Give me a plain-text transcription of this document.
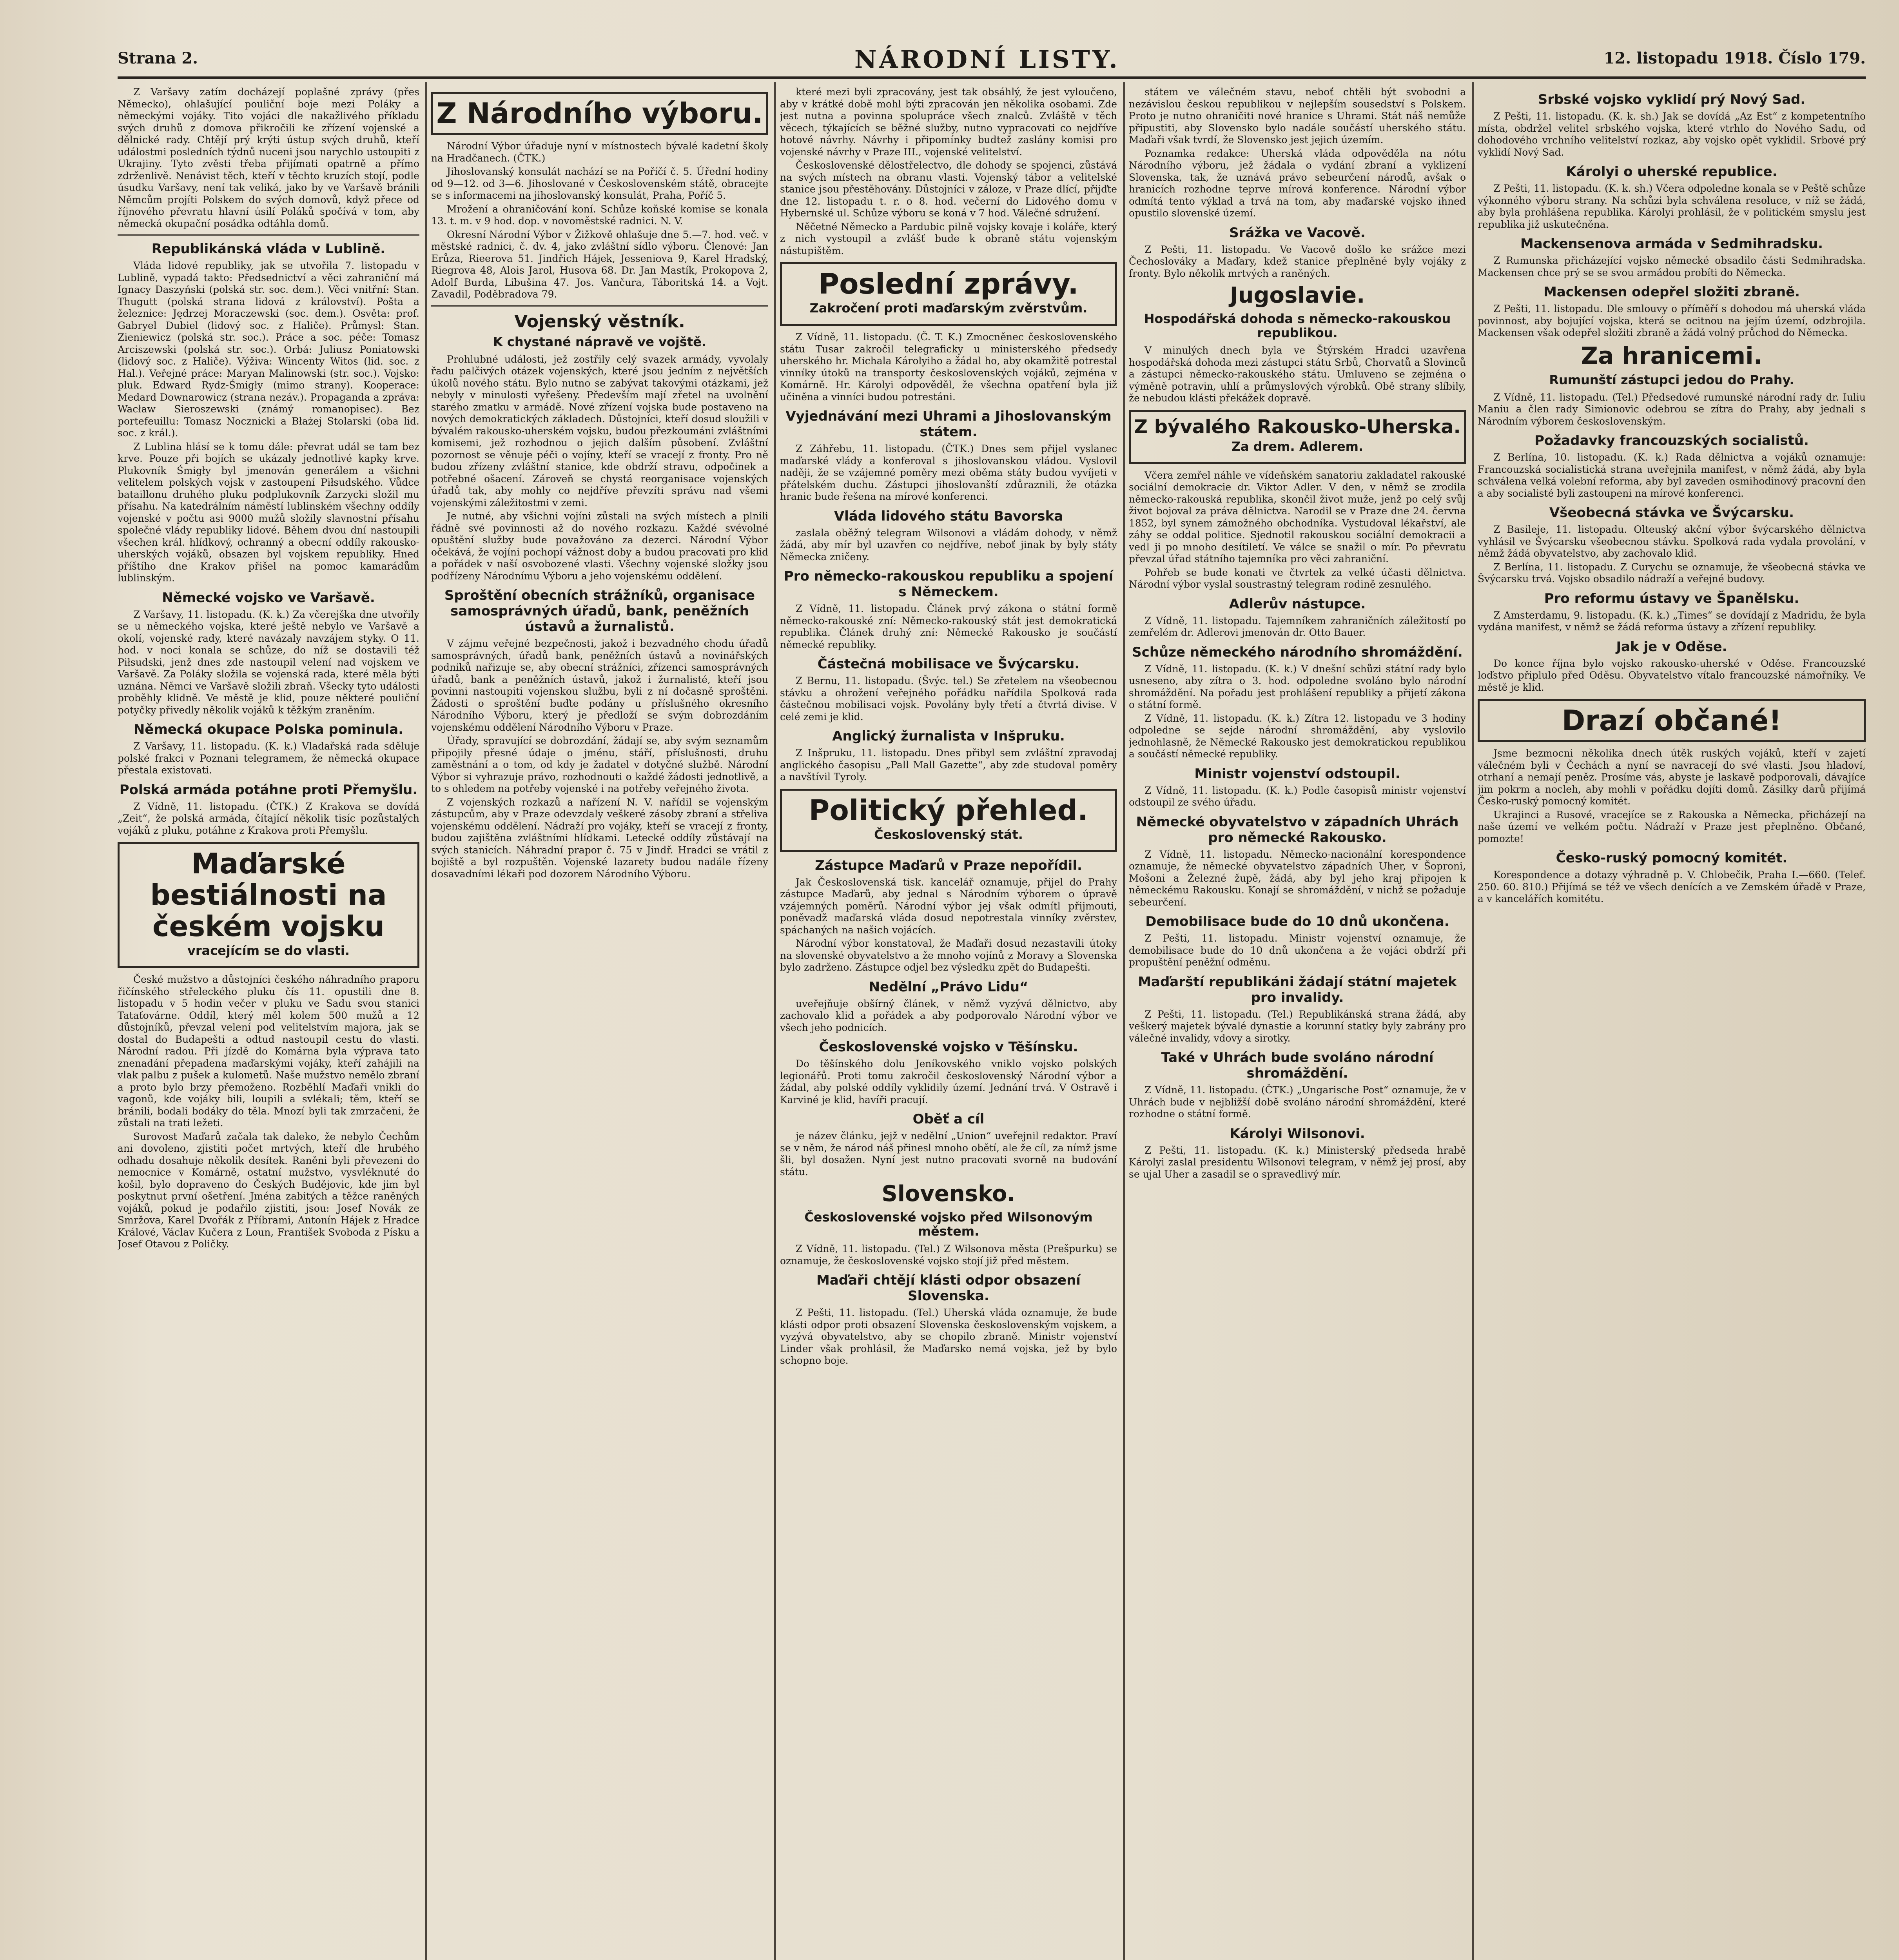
Strana 2.	NÁRODNÍ LISTY.	12. listopadu 1918. Číslo 179.

Z Varšavy zatím docházejí poplašné zprávy (přes Německo), ohlašující pouliční boje mezi Poláky a německými vojáky. Tito vojáci dle nakažlivého příkladu svých druhů z domova přikročili ke zřízení vojenské a dělnické rady. Chtějí prý krýti ústup svých druhů, kteří událostmi posledních týdnů nuceni jsou narychlo ustoupiti z Ukrajiny. Tyto zvěsti třeba přijímati opatrně a přímo zdrženlivě. Nenávist těch, kteří v těchto kruzích stojí, podle úsudku Varšavy, není tak veliká, jako by ve Varšavě bránili Němcům projíti Polskem do svých domovů, když přece od říjnového převratu hlavní úsilí Poláků spočívá v tom, aby německá okupační posádka odtáhla domů.

Republikánská vláda v Lublině.

Vláda lidové republiky, jak se utvořila 7. listopadu v Lublině, vypadá takto: Předsednictví a věci zahraniční má Ignacy Daszyński (polská str. soc. dem.). Věci vnitřní: Stan. Thugutt (polská strana lidová z království). Pošta a železnice: Jędrzej Moraczewski (soc. dem.). Osvěta: prof. Gabryel Dubiel (lidový soc. z Haliče). Průmysl: Stan. Zieniewicz (polská str. soc.). Práce a soc. péče: Tomasz Arciszewski (polská str. soc.). Orbá: Juliusz Poniatowski (lidový soc. z Haliče). Výživa: Wincenty Witos (lid. soc. z Hal.). Veřejné práce: Maryan Malinowski (str. soc.). Vojsko: pluk. Edward Rydz-Śmigły (mimo strany). Kooperace: Medard Downarowicz (strana nezáv.). Propaganda a zpráva: Wacław Sieroszewski (známý romanopisec). Bez portefeuillu: Tomasz Nocznicki a Błażej Stolarski (oba lid. soc. z král.).

Z Lublina hlásí se k tomu dále: převrat udál se tam bez krve. Pouze při bojích se ukázaly jednotlivé kapky krve. Plukovník Śmigły byl jmenován generálem a všichni velitelem polských vojsk v zastoupení Piłsudského. Vůdce bataillonu druhého pluku podplukovník Zarzycki složil mu přísahu. Na katedrálním náměstí lublinském všechny oddíly vojenské v počtu asi 9000 mužů složily slavnostní přísahu společné vlády republiky lidové. Během dvou dní nastoupili všechen král. hlídkový, ochranný a obecní oddíly rakousko-uherských vojáků, obsazen byl vojskem republiky. Hned příštího dne Krakov přišel na pomoc kamarádům lublinským.

Německé vojsko ve Varšavě.

Z Varšavy, 11. listopadu. (K. k.) Za včerejška dne utvořily se u německého vojska, které ještě nebylo ve Varšavě a okolí, vojenské rady, které navázaly navzájem styky. O 11. hod. v noci konala se schůze, do níž se dostavili též Piłsudski, jenž dnes zde nastoupil velení nad vojskem ve Varšavě. Za Poláky složila se vojenská rada, které měla býti uznána. Němci ve Varšavě složili zbraň. Všecky tyto události proběhly klidně. Ve městě je klid, pouze některé pouliční potyčky přivedly několik vojáků k těžkým zraněním.

Německá okupace Polska pominula.

Z Varšavy, 11. listopadu. (K. k.) Vladařská rada sděluje polské frakci v Poznani telegramem, že německá okupace přestala existovati.

Polská armáda potáhne proti Přemyšlu.

Z Vídně, 11. listopadu. (ČTK.) Z Krakova se dovídá „Zeit“, že polská armáda, čítající několik tisíc pozůstalých vojáků z pluku, potáhne z Krakova proti Přemyšlu.

Maďarské bestiálnosti na českém vojsku
vracejícím se do vlasti.

České mužstvo a důstojníci českého náhradního praporu řičínského střeleckého pluku čís 11. opustili dne 8. listopadu v 5 hodin večer v pluku ve Sadu svou stanici Tataťovárne. Oddíl, který měl kolem 500 mužů a 12 důstojníků, převzal velení pod velitelstvím majora, jak se dostal do Budapešti a odtud nastoupil cestu do vlasti. Národní radou. Při jízdě do Komárna byla výprava tato znenadání přepadena maďarskými vojáky, kteří zahájili na vlak palbu z pušek a kulometů. Naše mužstvo nemělo zbraní a proto bylo brzy přemoženo. Rozběhlí Maďaři vnikli do vagonů, kde vojáky bili, loupili a svlékali; těm, kteří se bránili, bodali bodáky do těla. Mnozí byli tak zmrzačeni, že zůstali na trati ležeti.

Surovost Maďarů začala tak daleko, že nebylo Čechům ani dovoleno, zjistiti počet mrtvých, kteří dle hrubého odhadu dosahuje několik desítek. Raněni byli převezeni do nemocnice v Komárně, ostatní mužstvo, vysvléknuté do košil, bylo dopraveno do Českých Budějovic, kde jim byl poskytnut první ošetření. Jména zabitých a těžce raněných vojáků, pokud je podařilo zjistiti, jsou: Josef Novák ze Smržova, Karel Dvořák z Příbrami, Antonín Hájek z Hradce Králové, Václav Kučera z Loun, František Svoboda z Písku a Josef Otavou z Poličky.

Z Národního výboru.

Národní Výbor úřaduje nyní v místnostech bývalé kadetní školy na Hradčanech. (ČTK.)

Jihoslovanský konsulát nachází se na Poříčí č. 5. Úřední hodiny od 9—12. od 3—6. Jihoslované v Československém státě, obracejte se s informacemi na jihoslovanský konsulát, Praha, Poříč 5.

Mrožení a ohraničování koní. Schůze koňské komise se konala 13. t. m. v 9 hod. dop. v novoměstské radnici. N. V.

Okresní Národní Výbor v Žižkově ohlašuje dne 5.—7. hod. več. v městské radnici, č. dv. 4, jako zvláštní sídlo výboru. Členové: Jan Erůza, Rieerova 51. Jindřich Hájek, Jesseniova 9, Karel Hradský, Riegrova 48, Alois Jarol, Husova 68. Dr. Jan Mastík, Prokopova 2, Adolf Burda, Libušina 47. Jos. Vančura, Táboritská 14. a Vojt. Zavadil, Poděbradova 79.

Vojenský věstník.
K chystané nápravě ve vojště.

Prohlubné události, jež zostřily celý svazek armády, vyvolaly řadu palčivých otázek vojenských, které jsou jedním z největších úkolů nového státu. Bylo nutno se zabývat takovými otázkami, jež nebyly v minulosti vyřešeny. Především mají zřetel na uvolnění starého zmatku v armádě. Nové zřízení vojska bude postaveno na nových demokratických základech. Důstojníci, kteří dosud sloužili v bývalém rakousko-uherském vojsku, budou přezkoumáni zvláštními komisemi, jež rozhodnou o jejich dalším působení. Zvláštní pozornost se věnuje péči o vojíny, kteří se vracejí z fronty. Pro ně budou zřízeny zvláštní stanice, kde obdrží stravu, odpočinek a potřebné ošacení. Zároveň se chystá reorganisace vojenských úřadů tak, aby mohly co nejdříve převzíti správu nad všemi vojenskými záležitostmi v zemi.

Je nutné, aby všichni vojíni zůstali na svých místech a plnili řádně své povinnosti až do nového rozkazu. Každé svévolné opuštění služby bude považováno za dezerci. Národní Výbor očekává, že vojíni pochopí vážnost doby a budou pracovati pro klid a pořádek v naší osvobozené vlasti. Všechny vojenské složky jsou podřízeny Národnímu Výboru a jeho vojenskému oddělení.

Sproštění obecních strážníků, organisace samosprávných úřadů, bank, peněžních ústavů a žurnalistů.

V zájmu veřejné bezpečnosti, jakož i bezvadného chodu úřadů samosprávných, úřadů bank, peněžních ústavů a novinářských podniků nařizuje se, aby obecní strážníci, zřízenci samosprávných úřadů, bank a peněžních ústavů, jakož i žurnalisté, kteří jsou povinni nastoupiti vojenskou službu, byli z ní dočasně sproštěni. Žádosti o sproštění buďte podány u příslušného okresního Národního Výboru, který je předloží se svým dobrozdáním vojenskému oddělení Národního Výboru v Praze.

Úřady, spravující se dobrozdání, žádají se, aby svým seznamům připojily přesné údaje o jménu, stáří, příslušnosti, druhu zaměstnání a o tom, od kdy je žadatel v dotyčné službě. Národní Výbor si vyhrazuje právo, rozhodnouti o každé žádosti jednotlivě, a to s ohledem na potřeby vojenské i na potřeby veřejného života.

Z vojenských rozkazů a nařízení N. V. nařídil se vojenským zástupcům, aby v Praze odevzdaly veškeré zásoby zbraní a střeliva vojenskému oddělení. Nádraží pro vojáky, kteří se vracejí z fronty, budou zajištěna zvláštními hlídkami. Letecké oddíly zůstávají na svých stanicích. Náhradní prapor č. 75 v Jindř. Hradci se vrátil z bojiště a byl rozpuštěn. Vojenské lazarety budou nadále řízeny dosavadními lékaři pod dozorem Národního Výboru.

které mezi byli zpracovány, jest tak obsáhlý, že jest vyloučeno, aby v krátké době mohl býti zpracován jen několika osobami. Zde jest nutna a povinna spolupráce všech znalců. Zvláště v těch věcech, týkajících se běžné služby, nutno vypracovati co nejdříve hotové návrhy. Návrhy i připomínky budtež zaslány komisi pro vojenské návrhy v Praze III., vojenské velitelství.

Československé dělostřelectvo, dle dohody se spojenci, zůstává na svých místech na obranu vlasti. Vojenský tábor a velitelské stanice jsou přestěhovány. Důstojníci v záloze, v Praze dlící, přijďte dne 12. listopadu t. r. o 8. hod. večerní do Lidového domu v Hybernské ul. Schůze výboru se koná v 7 hod. Válečné sdružení.

Něčetné Německo a Pardubic pilně vojsky kovaje i koláře, který z nich vystoupil a zvlášť bude k obraně státu vojenským nástupištěm.

Poslední zprávy.
Zakročení proti maďarským zvěrstvům.

Z Vídně, 11. listopadu. (Č. T. K.) Zmocněnec československého státu Tusar zakročil telegraficky u ministerského předsedy uherského hr. Michala Károlyiho a žádal ho, aby okamžitě potrestal vinníky útoků na transporty československých vojáků, zejména v Komárně. Hr. Károlyi odpověděl, že všechna opatření byla již učiněna a vinníci budou potrestáni.

Vyjednávání mezi Uhrami a Jihoslovanským státem.

Z Záhřebu, 11. listopadu. (ČTK.) Dnes sem přijel vyslanec maďarské vlády a konferoval s jihoslovanskou vládou. Vyslovil naději, že se vzájemné poměry mezi oběma státy budou vyvíjeti v přátelském duchu. Zástupci jihoslovanští zdůraznili, že otázka hranic bude řešena na mírové konferenci.

Vláda lidového státu Bavorska

zaslala oběžný telegram Wilsonovi a vládám dohody, v němž žádá, aby mír byl uzavřen co nejdříve, neboť jinak by byly státy Německa zničeny.

Pro německo-rakouskou republiku a spojení s Německem.

Z Vídně, 11. listopadu. Článek prvý zákona o státní formě německo-rakouské zní: Německo-rakouský stát jest demokratická republika. Článek druhý zní: Německé Rakousko je součástí německé republiky.

Částečná mobilisace ve Švýcarsku.

Z Bernu, 11. listopadu. (Švýc. tel.) Se zřetelem na všeobecnou stávku a ohrožení veřejného pořádku nařídila Spolková rada částečnou mobilisaci vojsk. Povolány byly třetí a čtvrtá divise. V celé zemi je klid.

Anglický žurnalista v Inšpruku.

Z Inšpruku, 11. listopadu. Dnes přibyl sem zvláštní zpravodaj anglického časopisu „Pall Mall Gazette“, aby zde studoval poměry a navštívil Tyroly.

Politický přehled.
Československý stát.
Zástupce Maďarů v Praze nepořídil.

Jak Československá tisk. kancelář oznamuje, přijel do Prahy zástupce Maďarů, aby jednal s Národním výborem o úpravě vzájemných poměrů. Národní výbor jej však odmítl přijmouti, poněvadž maďarská vláda dosud nepotrestala vinníky zvěrstev, spáchaných na našich vojácích.

Národní výbor konstatoval, že Maďaři dosud nezastavili útoky na slovenské obyvatelstvo a že mnoho vojínů z Moravy a Slovenska bylo zadrženo. Zástupce odjel bez výsledku zpět do Budapešti.

Nedělní „Právo Lidu“

uveřejňuje obšírný článek, v němž vyzývá dělnictvo, aby zachovalo klid a pořádek a aby podporovalo Národní výbor ve všech jeho podnicích.

Československé vojsko v Těšínsku.

Do těšínského dolu Jeníkovského vniklo vojsko polských legionářů. Proti tomu zakročil československý Národní výbor a žádal, aby polské oddíly vyklidily území. Jednání trvá. V Ostravě i Karviné je klid, havíři pracují.

Oběť a cíl

je název článku, jejž v nedělní „Union“ uveřejnil redaktor. Praví se v něm, že národ náš přinesl mnoho obětí, ale že cíl, za nímž jsme šli, byl dosažen. Nyní jest nutno pracovati svorně na budování státu.

Slovensko.
Československé vojsko před Wilsonovým městem.

Z Vídně, 11. listopadu. (Tel.) Z Wilsonova města (Prešpurku) se oznamuje, že československé vojsko stojí již před městem.

Maďaři chtějí klásti odpor obsazení Slovenska.

Z Pešti, 11. listopadu. (Tel.) Uherská vláda oznamuje, že bude klásti odpor proti obsazení Slovenska československým vojskem, a vyzývá obyvatelstvo, aby se chopilo zbraně. Ministr vojenství Linder však prohlásil, že Maďarsko nemá vojska, jež by bylo schopno boje.

státem ve válečném stavu, neboť chtěli být svobodni a nezávislou českou republikou v nejlepším sousedství s Polskem. Proto je nutno ohraničiti nové hranice s Uhrami. Stát náš nemůže připustiti, aby Slovensko bylo nadále součástí uherského státu. Maďaři však tvrdí, že Slovensko jest jejich územím.

Poznamka redakce: Uherská vláda odpověděla na nótu Národního výboru, jež žádala o vydání zbraní a vyklizení Slovenska, tak, že uznává právo sebeurčení národů, avšak o hranicích rozhodne teprve mírová konference. Národní výbor odmítá tento výklad a trvá na tom, aby maďarské vojsko ihned opustilo slovenské území.

Srážka ve Vacově.

Z Pešti, 11. listopadu. Ve Vacově došlo ke srážce mezi Čechoslováky a Maďary, kdež stanice přeplněné byly vojáky z fronty. Bylo několik mrtvých a raněných.

Jugoslavie.
Hospodářská dohoda s německo-rakouskou republikou.

V minulých dnech byla ve Štýrském Hradci uzavřena hospodářská dohoda mezi zástupci státu Srbů, Chorvatů a Slovinců a zástupci německo-rakouského státu. Umluveno se zejména o výměně potravin, uhlí a průmyslových výrobků. Obě strany slíbily, že nebudou klásti překážek dopravě.

Z bývalého Rakousko-Uherska.
Za drem. Adlerem.

Včera zemřel náhle ve vídeňském sanatoriu zakladatel rakouské sociální demokracie dr. Viktor Adler. V den, v němž se zrodila německo-rakouská republika, skončil život muže, jenž po celý svůj život bojoval za práva dělnictva. Narodil se v Praze dne 24. června 1852, byl synem zámožného obchodníka. Vystudoval lékařství, ale záhy se oddal politice. Sjednotil rakouskou sociální demokracii a vedl ji po mnoho desítiletí. Ve válce se snažil o mír. Po převratu převzal úřad státního tajemníka pro věci zahraniční.

Pohřeb se bude konati ve čtvrtek za velké účasti dělnictva. Národní výbor vyslal soustrastný telegram rodině zesnulého.

Adlerův nástupce.

Z Vídně, 11. listopadu. Tajemníkem zahraničních záležitostí po zemřelém dr. Adlerovi jmenován dr. Otto Bauer.

Schůze německého národního shromáždění.

Z Vídně, 11. listopadu. (K. k.) V dnešní schůzi státní rady bylo usneseno, aby zítra o 3. hod. odpoledne svoláno bylo národní shromáždění. Na pořadu jest prohlášení republiky a přijetí zákona o státní formě.

Z Vídně, 11. listopadu. (K. k.) Zítra 12. listopadu ve 3 hodiny odpoledne se sejde národní shromáždění, aby vyslovilo jednohlasně, že Německé Rakousko jest demokratickou republikou a součástí německé republiky.

Ministr vojenství odstoupil.

Z Vídně, 11. listopadu. (K. k.) Podle časopisů ministr vojenství odstoupil ze svého úřadu.

Německé obyvatelstvo v západních Uhrách pro německé Rakousko.

Z Vídně, 11. listopadu. Německo-nacionální korespondence oznamuje, že německé obyvatelstvo západních Uher, v Šoproni, Mošoni a Železné župě, žádá, aby byl jeho kraj připojen k německému Rakousku. Konají se shromáždění, v nichž se požaduje sebeurčení.

Demobilisace bude do 10 dnů ukončena.

Z Pešti, 11. listopadu. Ministr vojenství oznamuje, že demobilisace bude do 10 dnů ukončena a že vojáci obdrží při propuštění peněžní odměnu.

Maďarští republikáni žádají státní majetek pro invalidy.

Z Pešti, 11. listopadu. (Tel.) Republikánská strana žádá, aby veškerý majetek bývalé dynastie a korunní statky byly zabrány pro válečné invalidy, vdovy a sirotky.

Také v Uhrách bude svoláno národní shromáždění.

Z Vídně, 11. listopadu. (ČTK.) „Ungarische Post“ oznamuje, že v Uhrách bude v nejbližší době svoláno národní shromáždění, které rozhodne o státní formě.

Károlyi Wilsonovi.

Z Pešti, 11. listopadu. (K. k.) Ministerský předseda hrabě Károlyi zaslal presidentu Wilsonovi telegram, v němž jej prosí, aby se ujal Uher a zasadil se o spravedlivý mír.

Srbské vojsko vyklidí prý Nový Sad.

Z Pešti, 11. listopadu. (K. k. sh.) Jak se dovídá „Az Est“ z kompetentního místa, obdržel velitel srbského vojska, které vtrhlo do Nového Sadu, od dohodového vrchního velitelství rozkaz, aby vojsko opět vyklidil. Srbové prý vyklidí Nový Sad.

Károlyi o uherské republice.

Z Pešti, 11. listopadu. (K. k. sh.) Včera odpoledne konala se v Peště schůze výkonného výboru strany. Na schůzi byla schválena resoluce, v níž se žádá, aby byla prohlášena republika. Károlyi prohlásil, že v politickém smyslu jest republika již uskutečněna.

Mackensenova armáda v Sedmihradsku.

Z Rumunska přicházející vojsko německé obsadilo části Sedmihradska. Mackensen chce prý se se svou armádou probíti do Německa.

Mackensen odepřel složiti zbraně.

Z Pešti, 11. listopadu. Dle smlouvy o příměří s dohodou má uherská vláda povinnost, aby bojující vojska, která se ocitnou na jejím území, odzbrojila. Mackensen však odepřel složiti zbraně a žádá volný průchod do Německa.

Za hranicemi.
Rumunští zástupci jedou do Prahy.

Z Vídně, 11. listopadu. (Tel.) Předsedové rumunské národní rady dr. Iuliu Maniu a člen rady Simionovic odebrou se zítra do Prahy, aby jednali s Národním výborem československým.

Požadavky francouzských socialistů.

Z Berlína, 10. listopadu. (K. k.) Rada dělnictva a vojáků oznamuje: Francouzská socialistická strana uveřejnila manifest, v němž žádá, aby byla schválena velká volební reforma, aby byl zaveden osmihodinový pracovní den a aby socialisté byli zastoupeni na mírové konferenci.

Všeobecná stávka ve Švýcarsku.

Z Basileje, 11. listopadu. Olteuský akční výbor švýcarského dělnictva vyhlásil ve Švýcarsku všeobecnou stávku. Spolková rada vydala provolání, v němž žádá obyvatelstvo, aby zachovalo klid.

Z Berlína, 11. listopadu. Z Curychu se oznamuje, že všeobecná stávka ve Švýcarsku trvá. Vojsko obsadilo nádraží a veřejné budovy.

Pro reformu ústavy ve Španělsku.

Z Amsterdamu, 9. listopadu. (K. k.) „Times“ se dovídají z Madridu, že byla vydána manifest, v němž se žádá reforma ústavy a zřízení republiky.

Jak je v Oděse.

Do konce října bylo vojsko rakousko-uherské v Oděse. Francouzské loďstvo připlulo před Oděsu. Obyvatelstvo vítalo francouzské námořníky. Ve městě je klid.

Drazí občané!

Jsme bezmocni několika dnech útěk ruských vojáků, kteří v zajetí válečném byli v Čechách a nyní se navracejí do své vlasti. Jsou hladoví, otrhaní a nemají peněz. Prosíme vás, abyste je laskavě podporovali, dávajíce jim pokrm a nocleh, aby mohli v pořádku dojíti domů. Zásilky darů přijímá Česko-ruský pomocný komitét.

Ukrajinci a Rusové, vracejíce se z Rakouska a Německa, přicházejí na naše území ve velkém počtu. Nádraží v Praze jest přeplněno. Občané, pomozte!

Česko-ruský pomocný komitét.

Korespondence a dotazy výhradně p. V. Chlobečik, Praha I.—660. (Telef. 250. 60. 810.) Přijímá se též ve všech denících a ve Zemském úřadě v Praze, a v kancelářích komitétu.
